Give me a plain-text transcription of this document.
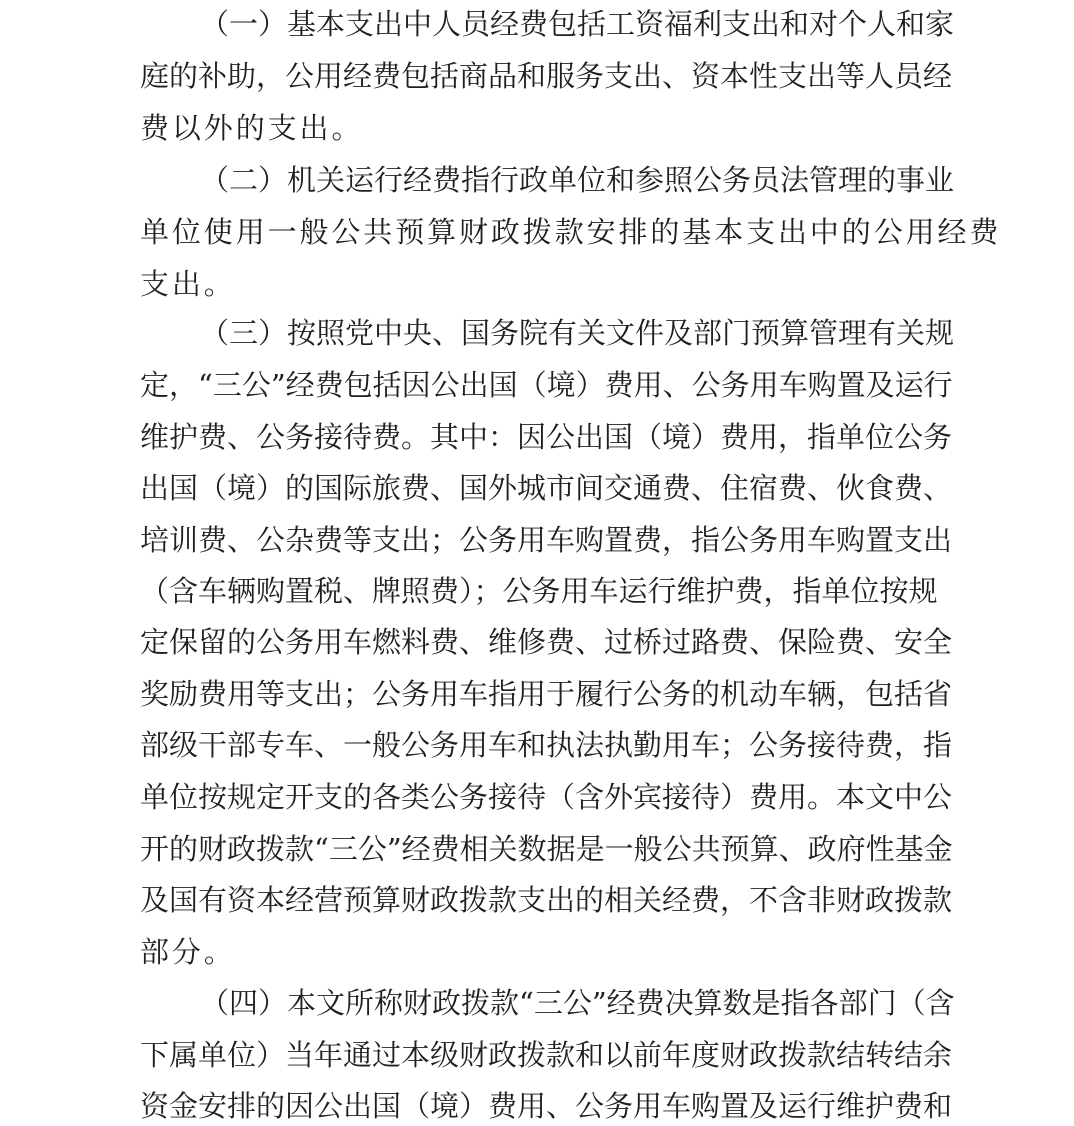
（一）基本支出中人员经费包括工资福利支出和对个人和家
庭的补助，公用经费包括商品和服务支出、资本性支出等人员经
费以外的支出。
（二）机关运行经费指行政单位和参照公务员法管理的事业
单位使用一般公共预算财政拨款安排的基本支出中的公用经费
支出。
（三）按照党中央、国务院有关文件及部门预算管理有关规
定，“三公”经费包括因公出国（境）费用、公务用车购置及运行
维护费、公务接待费。其中：因公出国（境）费用，指单位公务
出国（境）的国际旅费、国外城市间交通费、住宿费、伙食费、
培训费、公杂费等支出；公务用车购置费，指公务用车购置支出
（含车辆购置税、牌照费）；公务用车运行维护费，指单位按规
定保留的公务用车燃料费、维修费、过桥过路费、保险费、安全
奖励费用等支出；公务用车指用于履行公务的机动车辆，包括省
部级干部专车、一般公务用车和执法执勤用车；公务接待费，指
单位按规定开支的各类公务接待（含外宾接待）费用。本文中公
开的财政拨款“三公”经费相关数据是一般公共预算、政府性基金
及国有资本经营预算财政拨款支出的相关经费，不含非财政拨款
部分。
（四）本文所称财政拨款“三公”经费决算数是指各部门（含
下属单位）当年通过本级财政拨款和以前年度财政拨款结转结余
资金安排的因公出国（境）费用、公务用车购置及运行维护费和
